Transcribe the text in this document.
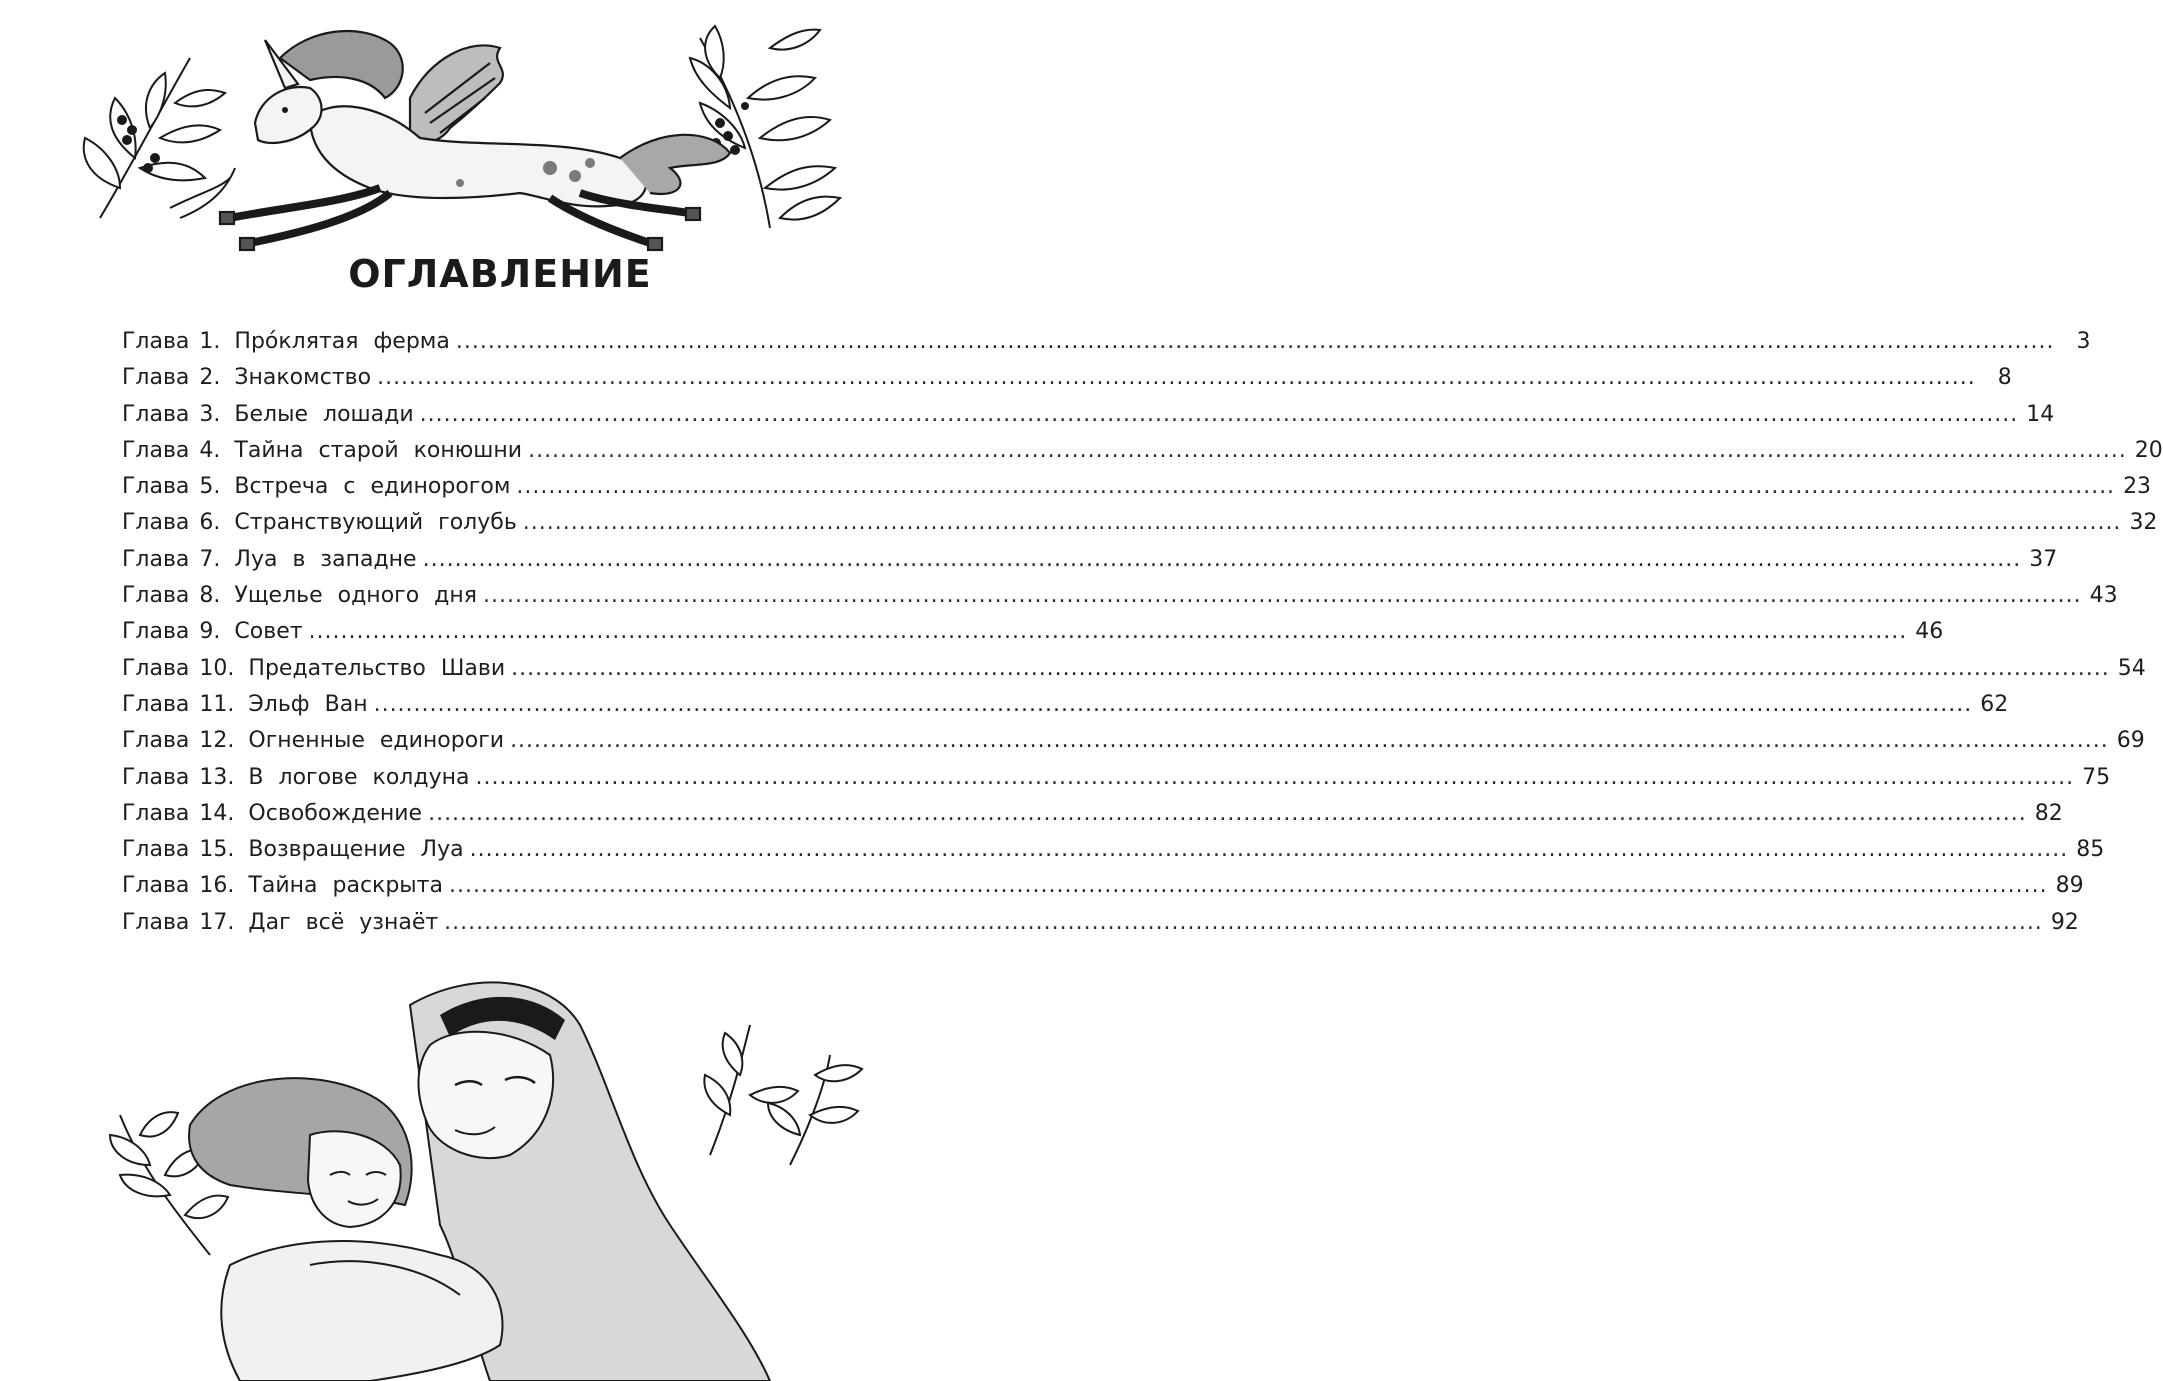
ОГЛАВЛЕНИЕ
Глава 1. Про́клятая ферма ........................................................................................................................................................................................................	3
Глава 2. Знакомство ........................................................................................................................................................................................................	8
Глава 3. Белые лошади ........................................................................................................................................................................................................ 14
Глава 4. Тайна старой конюшни ........................................................................................................................................................................................................ 20
Глава 5. Встреча с единорогом ........................................................................................................................................................................................................ 23
Глава 6. Странствующий голубь ........................................................................................................................................................................................................ 32
Глава 7. Луа в западне ........................................................................................................................................................................................................ 37
Глава 8. Ущелье одного дня ........................................................................................................................................................................................................ 43
Глава 9. Совет ........................................................................................................................................................................................................ 46
Глава 10. Предательство Шави ........................................................................................................................................................................................................ 54
Глава 11. Эльф Ван ........................................................................................................................................................................................................ 62
Глава 12. Огненные единороги ........................................................................................................................................................................................................ 69
Глава 13. В логове колдуна ........................................................................................................................................................................................................ 75
Глава 14. Освобождение ........................................................................................................................................................................................................ 82
Глава 15. Возвращение Луа ........................................................................................................................................................................................................ 85
Глава 16. Тайна раскрыта ........................................................................................................................................................................................................ 89
Глава 17. Даг всё узнаёт ........................................................................................................................................................................................................ 92
